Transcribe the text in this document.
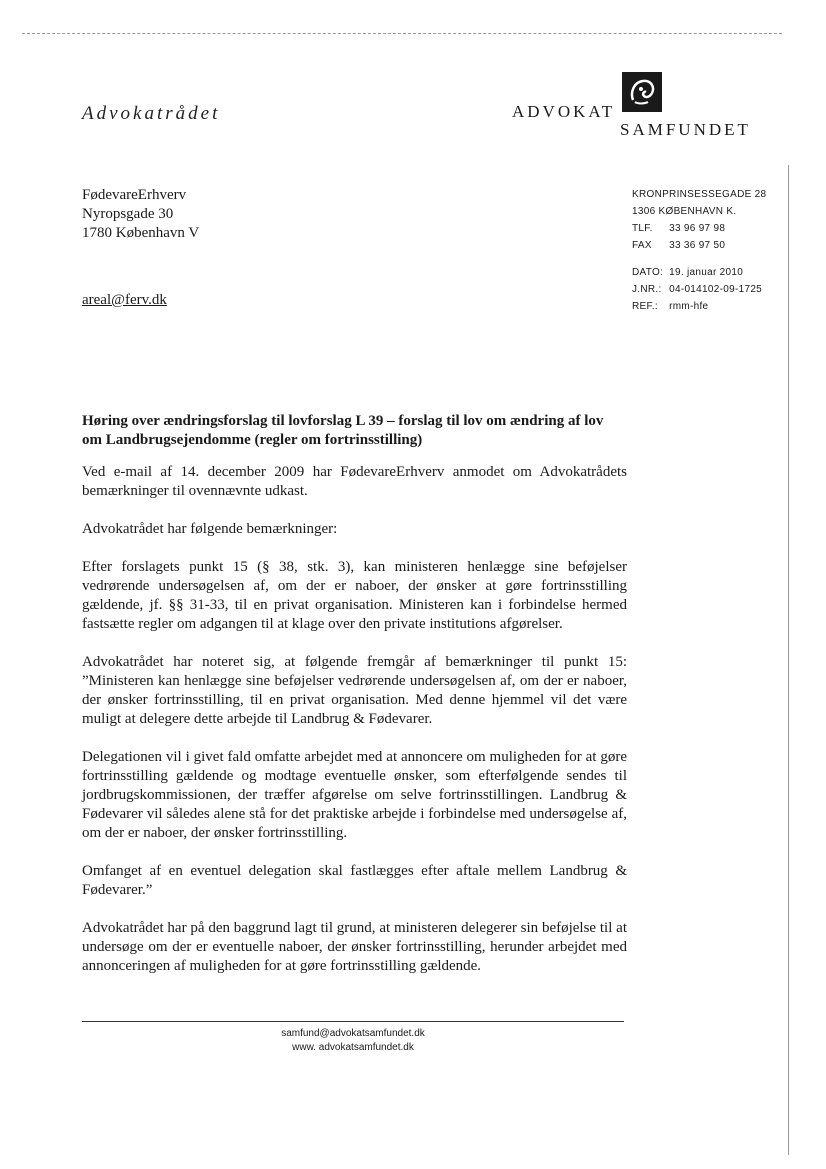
Advokatrådet	ADVOKAT
SAMFUNDET
FødevareErhverv
Nyropsgade 30
1780 København V
areal@ferv.dk
KRONPRINSESSEGADE 28
1306 KØBENHAVN K.
TLF. 33 96 97 98
FAX 33 36 97 50
DATO: 19. januar 2010
J.NR.: 04-014102-09-1725
REF.: rmm-hfe
Høring over ændringsforslag til lovforslag L 39 – forslag til lov om ændring af lov om Landbrugsejendomme (regler om fortrinsstilling)

Ved e-mail af 14. december 2009 har FødevareErhverv anmodet om Advokatrådets bemærkninger til ovennævnte udkast.

Advokatrådet har følgende bemærkninger:

Efter forslagets punkt 15 (§ 38, stk. 3), kan ministeren henlægge sine beføjelser vedrørende undersøgelsen af, om der er naboer, der ønsker at gøre fortrinsstilling gældende, jf. §§ 31-33, til en privat organisation. Ministeren kan i forbindelse hermed fastsætte regler om adgangen til at klage over den private institutions afgørelser.

Advokatrådet har noteret sig, at følgende fremgår af bemærkninger til punkt 15: ”Ministeren kan henlægge sine beføjelser vedrørende undersøgelsen af, om der er naboer, der ønsker fortrinsstilling, til en privat organisation. Med denne hjemmel vil det være muligt at delegere dette arbejde til Landbrug & Fødevarer.

Delegationen vil i givet fald omfatte arbejdet med at annoncere om muligheden for at gøre fortrinsstilling gældende og modtage eventuelle ønsker, som efterfølgende sendes til jordbrugskommissionen, der træffer afgørelse om selve fortrinsstillingen. Landbrug & Fødevarer vil således alene stå for det praktiske arbejde i forbindelse med undersøgelse af, om der er naboer, der ønsker fortrinsstilling.

Omfanget af en eventuel delegation skal fastlægges efter aftale mellem Landbrug & Fødevarer.”

Advokatrådet har på den baggrund lagt til grund, at ministeren delegerer sin beføjelse til at undersøge om der er eventuelle naboer, der ønsker fortrinsstilling, herunder arbejdet med annonceringen af muligheden for at gøre fortrinsstilling gældende.

samfund@advokatsamfundet.dk
www. advokatsamfundet.dk
